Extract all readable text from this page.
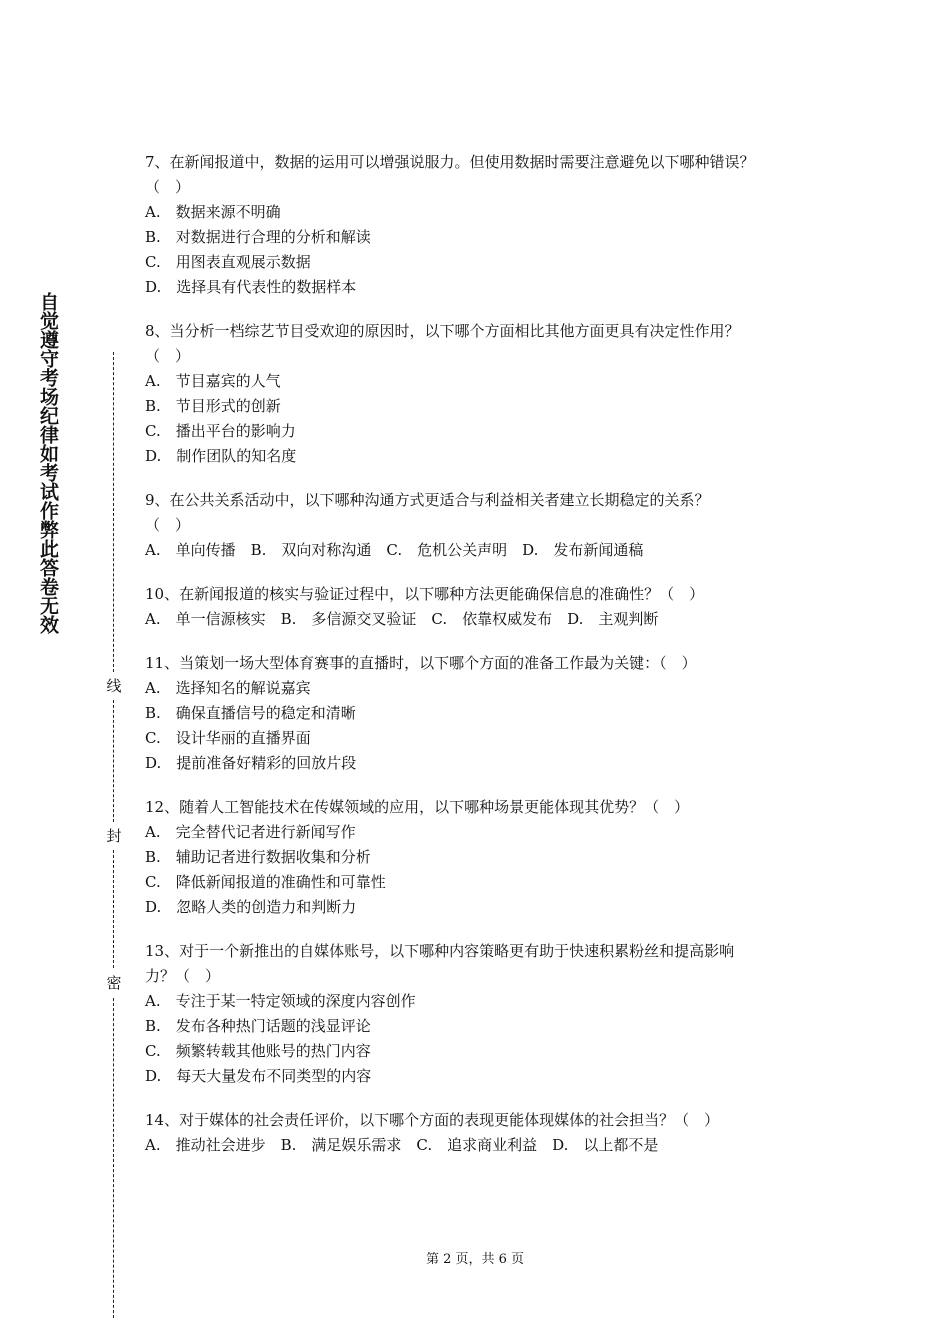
自觉遵守考场纪律如考试作弊此答卷无效
线
封
密
7、在新闻报道中，数据的运用可以增强说服力。但使用数据时需要注意避免以下哪种错误？
（　）
A.　数据来源不明确
B.　对数据进行合理的分析和解读
C.　用图表直观展示数据
D.　选择具有代表性的数据样本
8、当分析一档综艺节目受欢迎的原因时，以下哪个方面相比其他方面更具有决定性作用？
（　）
A.　节目嘉宾的人气
B.　节目形式的创新
C.　播出平台的影响力
D.　制作团队的知名度
9、在公共关系活动中，以下哪种沟通方式更适合与利益相关者建立长期稳定的关系？
（　）
A.　单向传播　B.　双向对称沟通　C.　危机公关声明　D.　发布新闻通稿
10、在新闻报道的核实与验证过程中，以下哪种方法更能确保信息的准确性？（　）
A.　单一信源核实　B.　多信源交叉验证　C.　依靠权威发布　D.　主观判断
11、当策划一场大型体育赛事的直播时，以下哪个方面的准备工作最为关键：（　）
A.　选择知名的解说嘉宾
B.　确保直播信号的稳定和清晰
C.　设计华丽的直播界面
D.　提前准备好精彩的回放片段
12、随着人工智能技术在传媒领域的应用，以下哪种场景更能体现其优势？（　）
A.　完全替代记者进行新闻写作
B.　辅助记者进行数据收集和分析
C.　降低新闻报道的准确性和可靠性
D.　忽略人类的创造力和判断力
13、对于一个新推出的自媒体账号，以下哪种内容策略更有助于快速积累粉丝和提高影响
力？（　）
A.　专注于某一特定领域的深度内容创作
B.　发布各种热门话题的浅显评论
C.　频繁转载其他账号的热门内容
D.　每天大量发布不同类型的内容
14、对于媒体的社会责任评价，以下哪个方面的表现更能体现媒体的社会担当？（　）
A.　推动社会进步　B.　满足娱乐需求　C.　追求商业利益　D.　以上都不是
第 2 页，共 6 页
